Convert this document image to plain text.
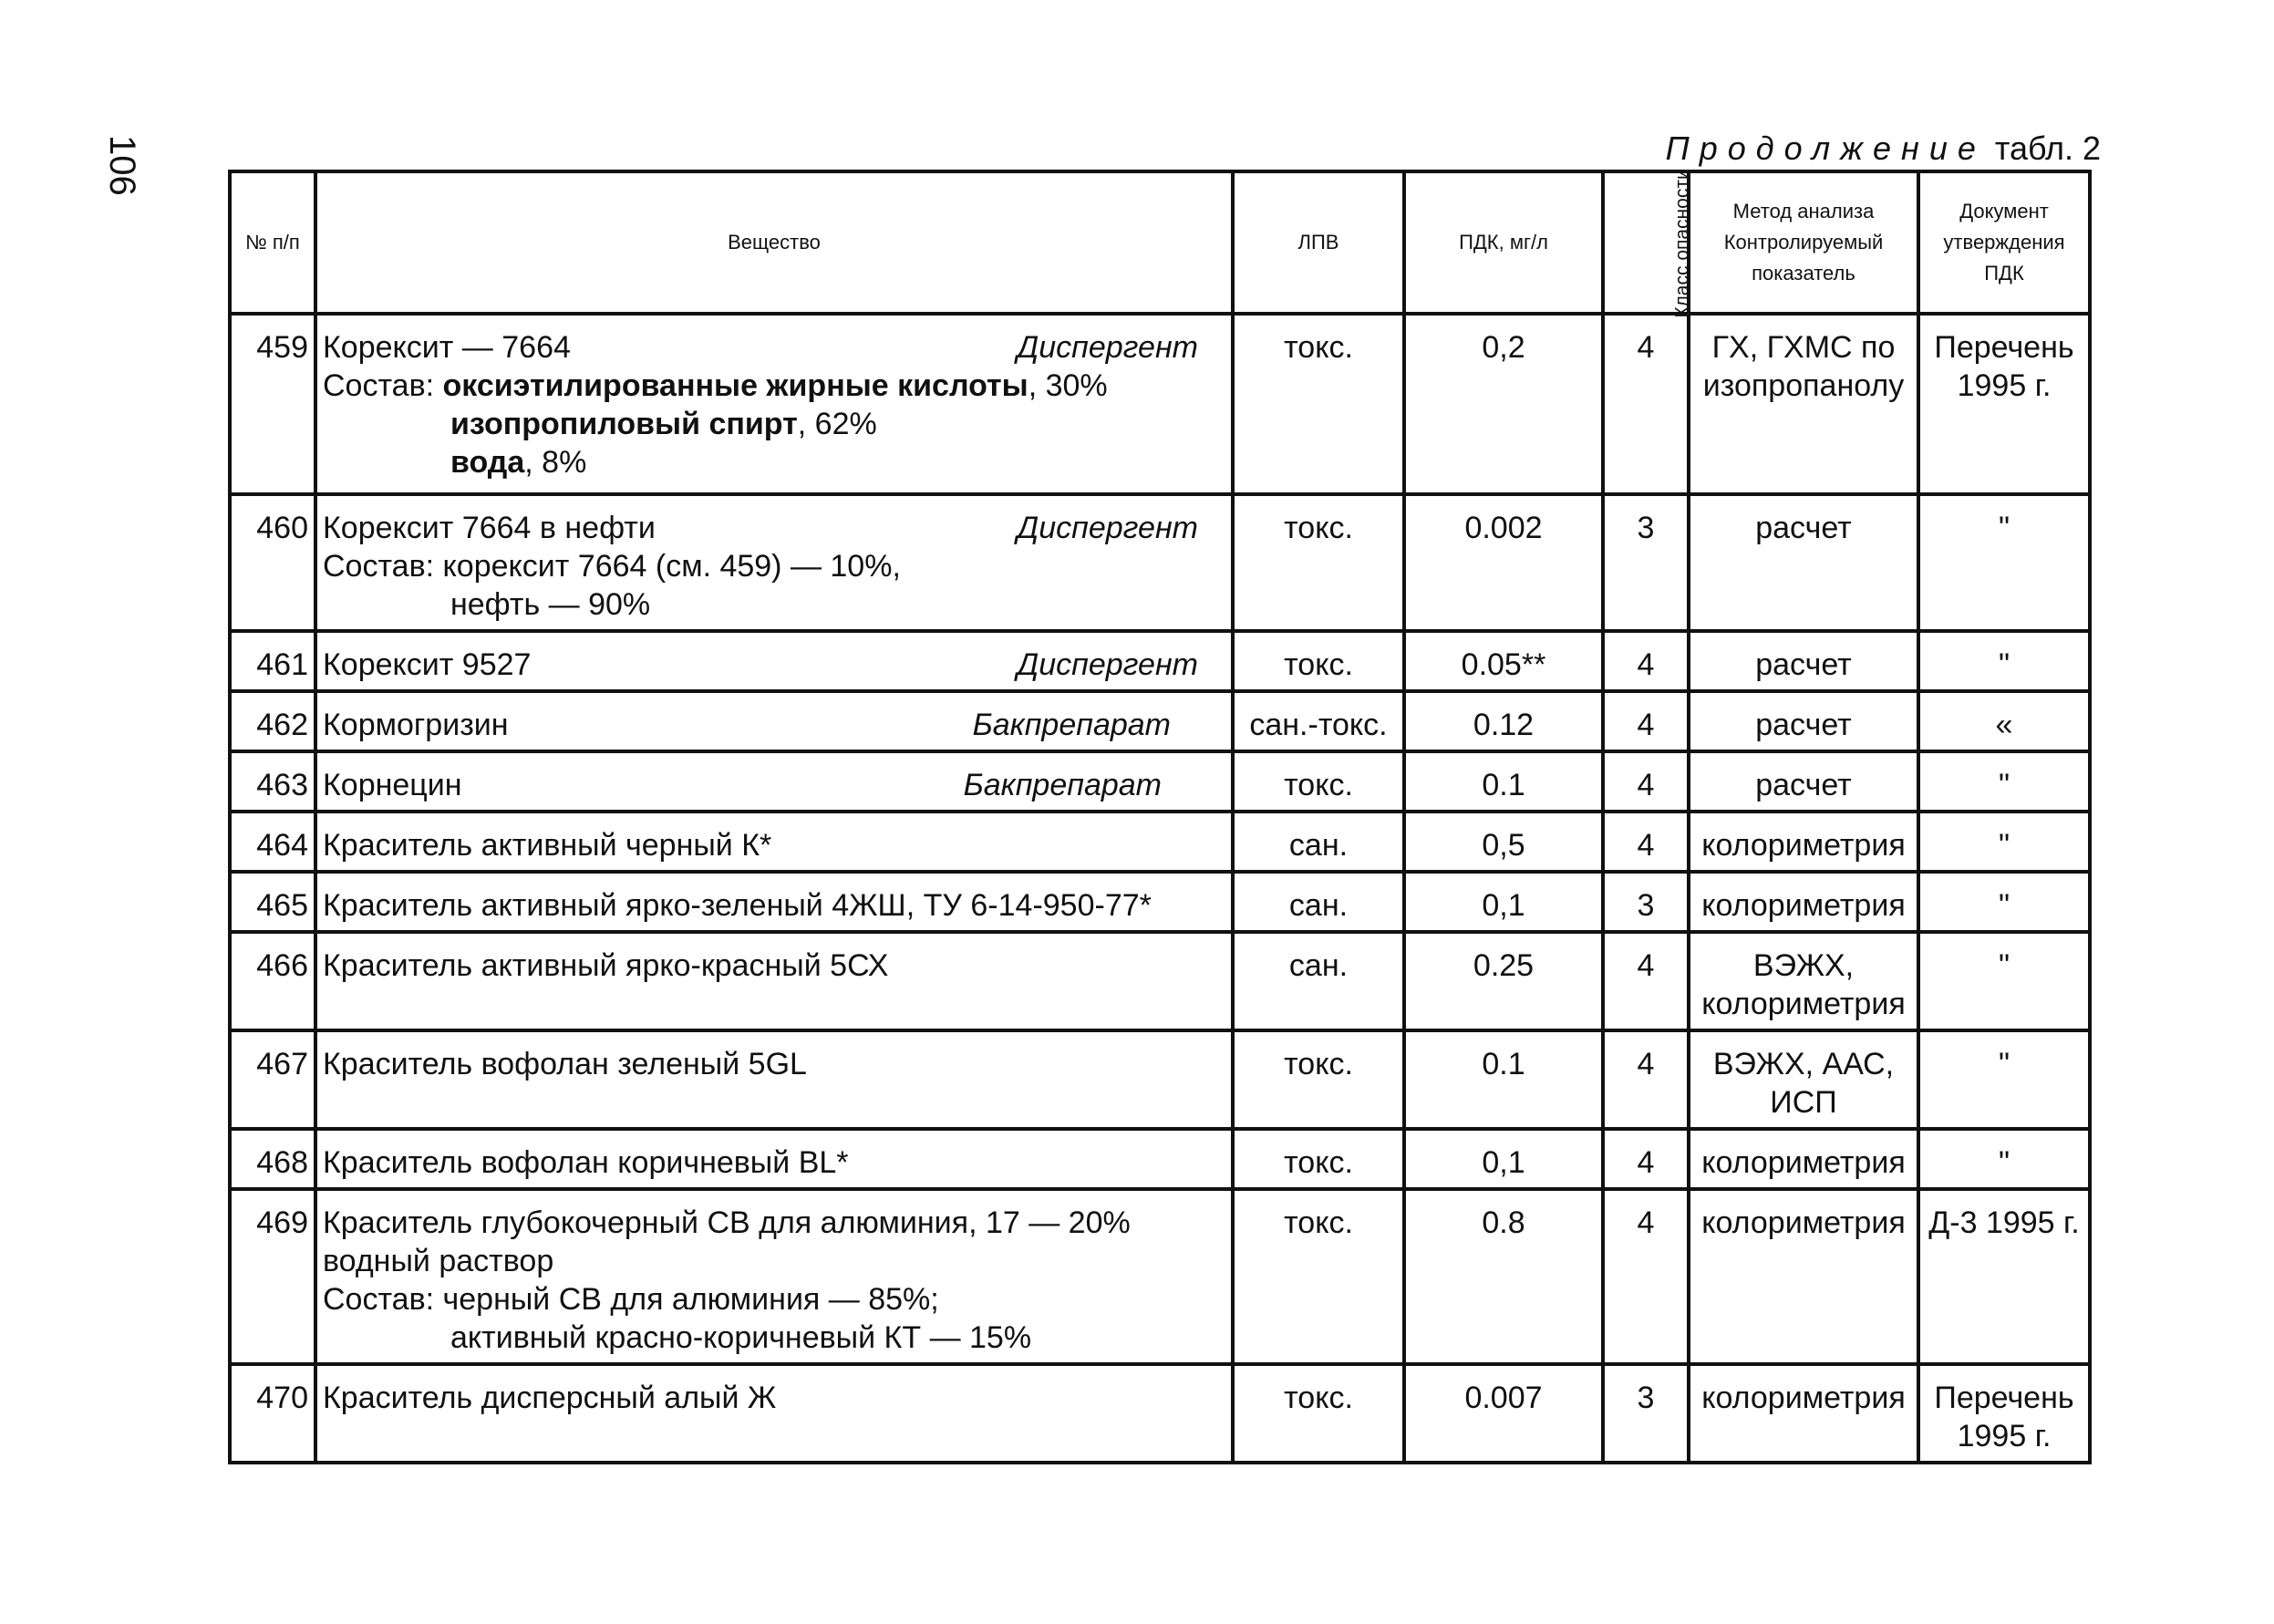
106	Продолжение табл. 2
№ п/п	Вещество	ЛПВ	ПДК, мг/л	Класс опасности	Метод анализа Контролируемый показатель	Документ утверждения ПДК
459	Корексит — 7664 Диспергент
Состав: оксиэтилированные жирные кислоты, 30%
изопропиловый спирт, 62%
вода, 8%	токс.	0,2	4	ГХ, ГХМС по изопропанолу	Перечень 1995 г.
460	Корексит 7664 в нефти Диспергент
Состав: корексит 7664 (см. 459) — 10%,
нефть — 90%	токс.	0.002	3	расчет	"
461	Корексит 9527 Диспергент	токс.	0.05**	4	расчет	"
462	Кормогризин Бакпрепарат	сан.-токс.	0.12	4	расчет	«
463	Корнецин Бакпрепарат	токс.	0.1	4	расчет	"
464	Краситель активный черный К*	сан.	0,5	4	колориметрия	"
465	Краситель активный ярко-зеленый 4ЖШ, ТУ 6-14-950-77*	сан.	0,1	3	колориметрия	"
466	Краситель активный ярко-красный 5СХ	сан.	0.25	4	ВЭЖХ, колориметрия	"
467	Краситель вофолан зеленый 5GL	токс.	0.1	4	ВЭЖХ, ААС, ИСП	"
468	Краситель вофолан коричневый BL*	токс.	0,1	4	колориметрия	"
469	Краситель глубокочерный СВ для алюминия, 17 — 20%
водный раствор
Состав: черный СВ для алюминия — 85%;
активный красно-коричневый КТ — 15%	токс.	0.8	4	колориметрия	Д-3 1995 г.
470	Краситель дисперсный алый Ж	токс.	0.007	3	колориметрия	Перечень 1995 г.
